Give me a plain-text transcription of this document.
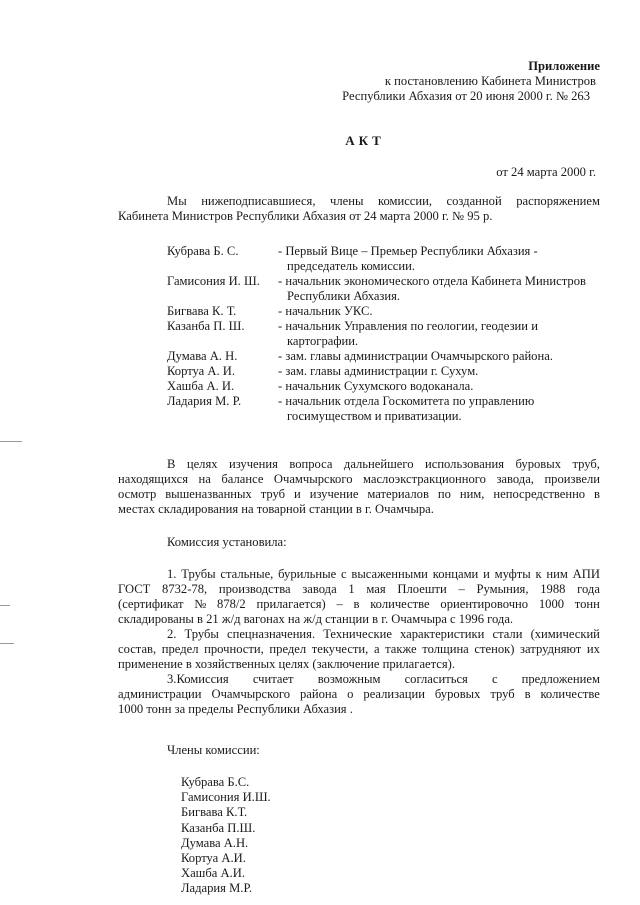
Приложение
к постановлению Кабинета Министров
Республики Абхазия от 20 июня 2000 г. № 263
АКТ
от 24 марта 2000 г.
Мы нижеподписавшиеся, члены комиссии, созданной распоряжением
Кабинета Министров Республики Абхазия от 24 марта 2000 г. № 95 р.
Кубрава Б. С.	- Первый Вице – Премьер Республики Абхазия -
председатель комиссии.
Гамисония И. Ш. - начальник экономического отдела Кабинета Министров
Республики Абхазия.
Бигвава К. Т.	- начальник УКС.
Казанба П. Ш.	- начальник Управления по геологии, геодезии и
картографии.
Думава А. Н.	- зам. главы администрации Очамчырского района.
Кортуа А. И.	- зам. главы администрации г. Сухум.
Хашба А. И.	- начальник Сухумского водоканала.
Ладария М. Р.	- начальник отдела Госкомитета по управлению
госимуществом и приватизации.
В целях изучения вопроса дальнейшего использования буровых труб,
находящихся на балансе Очамчырского маслоэкстракционного завода, произвели
осмотр вышеназванных труб и изучение материалов по ним, непосредственно в
местах складирования на товарной станции в г. Очамчыра.
Комиссия установила:
1. Трубы стальные, бурильные с высаженными концами и муфты к ним АПИ
ГОСТ 8732-78, производства завода 1 мая Плоешти – Румыния, 1988 года
(сертификат № 878/2 прилагается) – в количестве ориентировочно 1000 тонн
складированы в 21 ж/д вагонах на ж/д станции в г. Очамчыра с 1996 года.
2. Трубы спецназначения. Технические характеристики стали (химический
состав, предел прочности, предел текучести, а также толщина стенок) затрудняют их
применение в хозяйственных целях (заключение прилагается).
3.Комиссия считает возможным согласиться с предложением
администрации Очамчырского района о реализации буровых труб в количестве
1000 тонн за пределы Республики Абхазия .
Члены комиссии:
Кубрава Б.С.
Гамисония И.Ш.
Бигвава К.Т.
Казанба П.Ш.
Думава А.Н.
Кортуа А.И.
Хашба А.И.
Ладария М.Р.
